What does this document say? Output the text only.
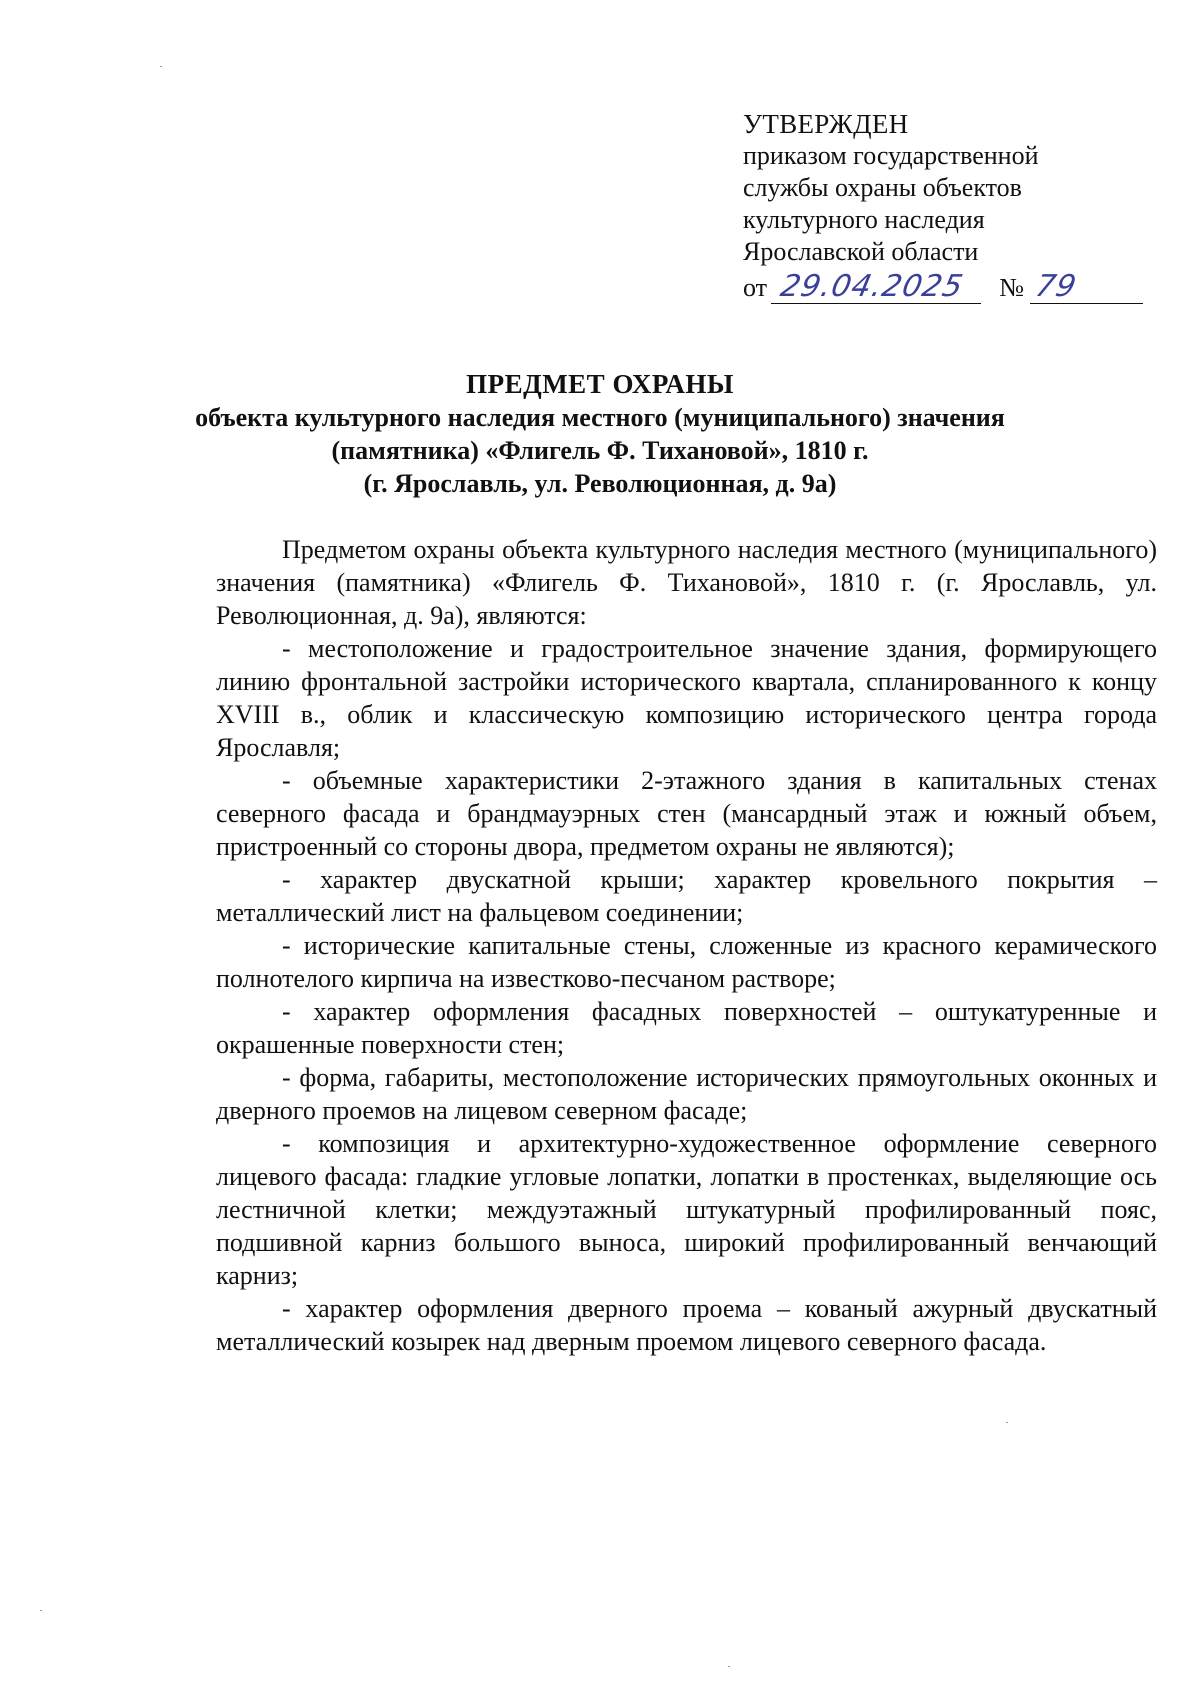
УТВЕРЖДЕН
приказом государственной
службы охраны объектов
культурного наследия
Ярославской области
от 29.04.2025 № 79
ПРЕДМЕТ ОХРАНЫ
объекта культурного наследия местного (муниципального) значения
(памятника) «Флигель Ф. Тихановой», 1810 г.
(г. Ярославль, ул. Революционная, д. 9а)

Предметом охраны объекта культурного наследия местного (муниципального) значения (памятника) «Флигель Ф. Тихановой», 1810 г. (г. Ярославль, ул. Революционная, д. 9а), являются:

- местоположение и градостроительное значение здания, формирующего линию фронтальной застройки исторического квартала, спланированного к концу XVIII в., облик и классическую композицию исторического центра города Ярославля;

- объемные характеристики 2-этажного здания в капитальных стенах северного фасада и брандмауэрных стен (мансардный этаж и южный объем, пристроенный со стороны двора, предметом охраны не являются);

- характер двускатной крыши; характер кровельного покрытия – металлический лист на фальцевом соединении;

- исторические капитальные стены, сложенные из красного керамического полнотелого кирпича на известково-песчаном растворе;

- характер оформления фасадных поверхностей – оштукатуренные и окрашенные поверхности стен;

- форма, габариты, местоположение исторических прямоугольных оконных и дверного проемов на лицевом северном фасаде;

- композиция и архитектурно-художественное оформление северного лицевого фасада: гладкие угловые лопатки, лопатки в простенках, выделяющие ось лестничной клетки; междуэтажный штукатурный профилированный пояс, подшивной карниз большого выноса, широкий профилированный венчающий карниз;

- характер оформления дверного проема – кованый ажурный двускатный металлический козырек над дверным проемом лицевого северного фасада.
